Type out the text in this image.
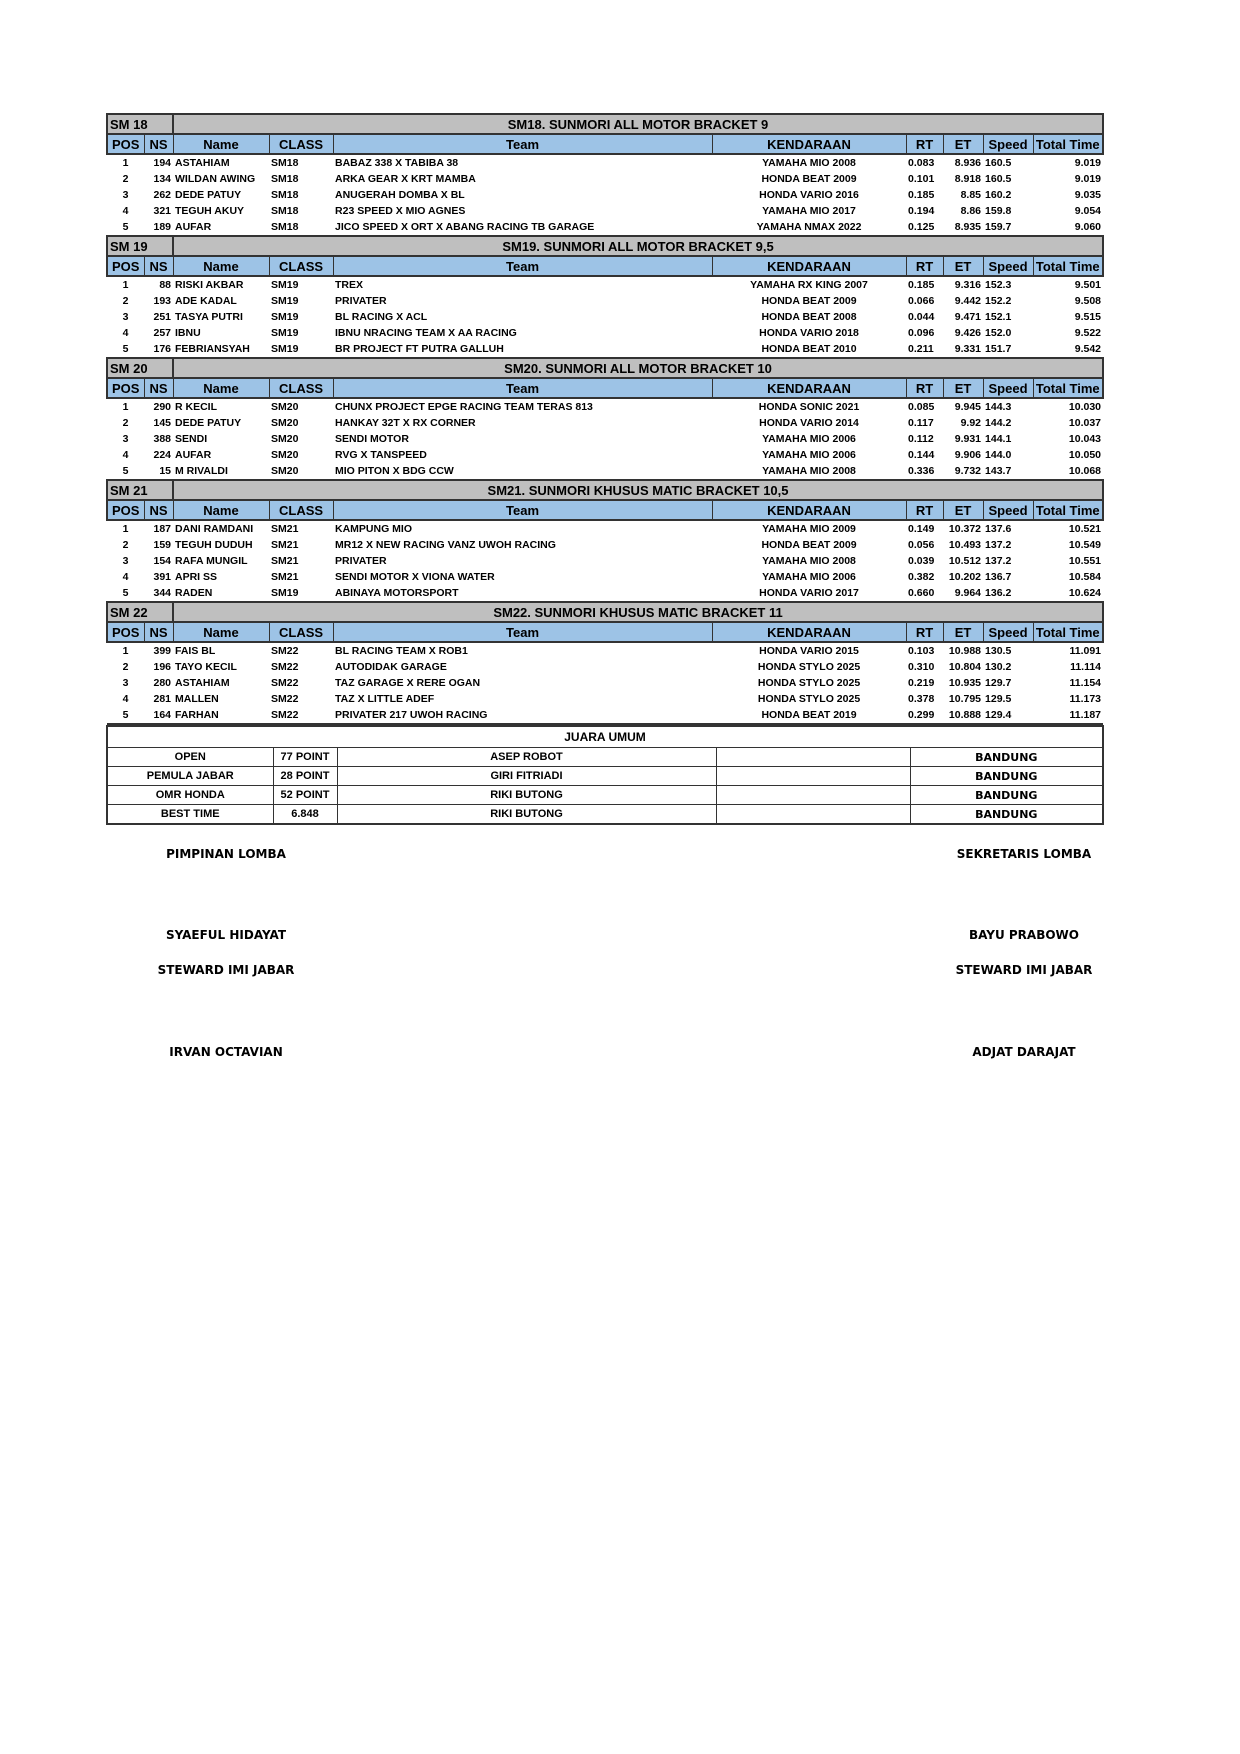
SM 18		SM18. SUNMORI ALL MOTOR BRACKET 9							
POS	NS	Name	CLASS	Team	KENDARAAN	RT	ET	Speed	Total Time
1	194	ASTAHIAM	SM18	BABAZ 338 X TABIBA 38	YAMAHA MIO 2008	0.083	8.936	160.5	9.019
2	134	WILDAN AWING	SM18	ARKA GEAR X KRT MAMBA	HONDA BEAT 2009	0.101	8.918	160.5	9.019
3	262	DEDE PATUY	SM18	ANUGERAH DOMBA X BL	HONDA VARIO 2016	0.185	8.85	160.2	9.035
4	321	TEGUH AKUY	SM18	R23 SPEED X MIO AGNES	YAMAHA MIO 2017	0.194	8.86	159.8	9.054
5	189	AUFAR	SM18	JICO SPEED X ORT X ABANG RACING TB GARAGE	YAMAHA NMAX 2022	0.125	8.935	159.7	9.060
SM 19		SM19. SUNMORI ALL MOTOR BRACKET 9,5							
POS	NS	Name	CLASS	Team	KENDARAAN	RT	ET	Speed	Total Time
1	88	RISKI AKBAR	SM19	TREX	YAMAHA RX KING 2007	0.185	9.316	152.3	9.501
2	193	ADE KADAL	SM19	PRIVATER	HONDA BEAT 2009	0.066	9.442	152.2	9.508
3	251	TASYA PUTRI	SM19	BL RACING X ACL	HONDA BEAT 2008	0.044	9.471	152.1	9.515
4	257	IBNU	SM19	IBNU NRACING TEAM X AA RACING	HONDA VARIO 2018	0.096	9.426	152.0	9.522
5	176	FEBRIANSYAH	SM19	BR PROJECT FT PUTRA GALLUH	HONDA BEAT 2010	0.211	9.331	151.7	9.542
SM 20		SM20. SUNMORI ALL MOTOR BRACKET 10							
POS	NS	Name	CLASS	Team	KENDARAAN	RT	ET	Speed	Total Time
1	290	R KECIL	SM20	CHUNX PROJECT EPGE RACING TEAM TERAS 813	HONDA SONIC 2021	0.085	9.945	144.3	10.030
2	145	DEDE PATUY	SM20	HANKAY 32T X RX CORNER	HONDA VARIO 2014	0.117	9.92	144.2	10.037
3	388	SENDI	SM20	SENDI MOTOR	YAMAHA MIO 2006	0.112	9.931	144.1	10.043
4	224	AUFAR	SM20	RVG X TANSPEED	YAMAHA MIO 2006	0.144	9.906	144.0	10.050
5	15	M RIVALDI	SM20	MIO PITON X BDG CCW	YAMAHA MIO 2008	0.336	9.732	143.7	10.068
SM 21		SM21. SUNMORI KHUSUS MATIC BRACKET 10,5							
POS	NS	Name	CLASS	Team	KENDARAAN	RT	ET	Speed	Total Time
1	187	DANI RAMDANI	SM21	KAMPUNG MIO	YAMAHA MIO 2009	0.149	10.372	137.6	10.521
2	159	TEGUH DUDUH	SM21	MR12 X NEW RACING VANZ UWOH RACING	HONDA BEAT 2009	0.056	10.493	137.2	10.549
3	154	RAFA MUNGIL	SM21	PRIVATER	YAMAHA MIO 2008	0.039	10.512	137.2	10.551
4	391	APRI SS	SM21	SENDI MOTOR X VIONA WATER	YAMAHA MIO 2006	0.382	10.202	136.7	10.584
5	344	RADEN	SM19	ABINAYA MOTORSPORT	HONDA VARIO 2017	0.660	9.964	136.2	10.624
SM 22		SM22. SUNMORI KHUSUS MATIC BRACKET 11							
POS	NS	Name	CLASS	Team	KENDARAAN	RT	ET	Speed	Total Time
1	399	FAIS BL	SM22	BL RACING TEAM X ROB1	HONDA VARIO 2015	0.103	10.988	130.5	11.091
2	196	TAYO KECIL	SM22	AUTODIDAK GARAGE	HONDA STYLO 2025	0.310	10.804	130.2	11.114
3	280	ASTAHIAM	SM22	TAZ GARAGE X RERE OGAN	HONDA STYLO 2025	0.219	10.935	129.7	11.154
4	281	MALLEN	SM22	TAZ X LITTLE ADEF	HONDA STYLO 2025	0.378	10.795	129.5	11.173
5	164	FARHAN	SM22	PRIVATER 217 UWOH RACING	HONDA BEAT 2019	0.299	10.888	129.4	11.187
JUARA UMUM				
OPEN	77 POINT	ASEP ROBOT		BANDUNG
PEMULA JABAR	28 POINT	GIRI FITRIADI		BANDUNG
OMR HONDA	52 POINT	RIKI BUTONG		BANDUNG
BEST TIME	6.848	RIKI BUTONG		BANDUNG
PIMPINAN LOMBA
SYAEFUL HIDAYAT
STEWARD IMI JABAR
IRVAN OCTAVIAN
SEKRETARIS LOMBA
BAYU PRABOWO
STEWARD IMI JABAR
ADJAT DARAJAT
